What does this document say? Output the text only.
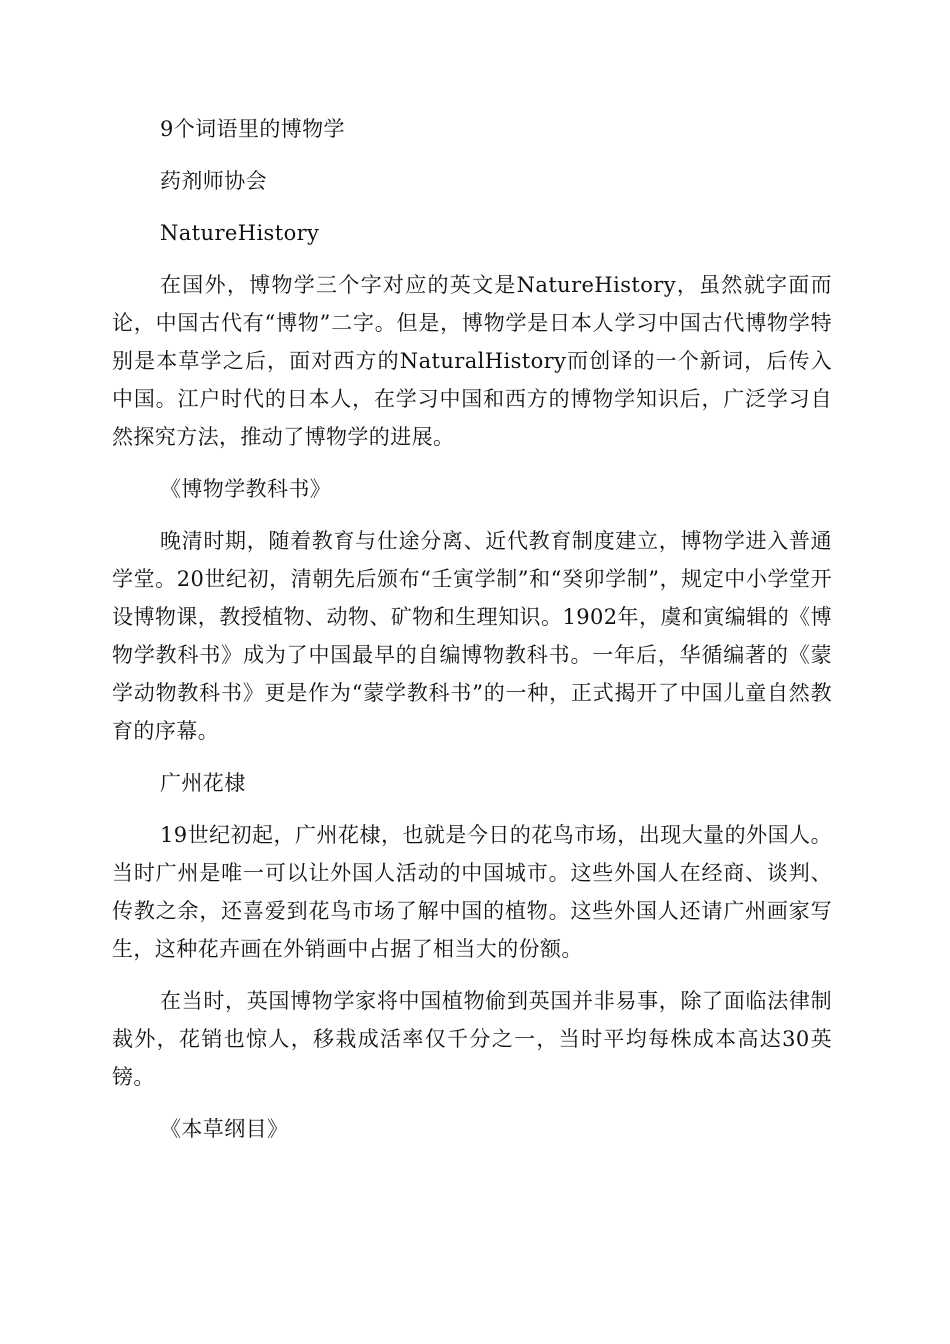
9个词语里的博物学

药剂师协会

NatureHistory

在国外，博物学三个字对应的英文是NatureHistory，虽然就字面而论，中国古代有“博物”二字。但是，博物学是日本人学习中国古代博物学特别是本草学之后，面对西方的NaturalHistory而创译的一个新词，后传入中国。江户时代的日本人，在学习中国和西方的博物学知识后，广泛学习自然探究方法，推动了博物学的进展。

《博物学教科书》

晚清时期，随着教育与仕途分离、近代教育制度建立，博物学进入普通学堂。20世纪初，清朝先后颁布“壬寅学制”和“癸卯学制”，规定中小学堂开设博物课，教授植物、动物、矿物和生理知识。1902年，虞和寅编辑的《博物学教科书》成为了中国最早的自编博物教科书。一年后，华循编著的《蒙学动物教科书》更是作为“蒙学教科书”的一种，正式揭开了中国儿童自然教育的序幕。

广州花棣

19世纪初起，广州花棣，也就是今日的花鸟市场，出现大量的外国人。当时广州是唯一可以让外国人活动的中国城市。这些外国人在经商、谈判、传教之余，还喜爱到花鸟市场了解中国的植物。这些外国人还请广州画家写生，这种花卉画在外销画中占据了相当大的份额。

在当时，英国博物学家将中国植物偷到英国并非易事，除了面临法律制裁外，花销也惊人，移栽成活率仅千分之一，当时平均每株成本高达30英镑。

《本草纲目》
